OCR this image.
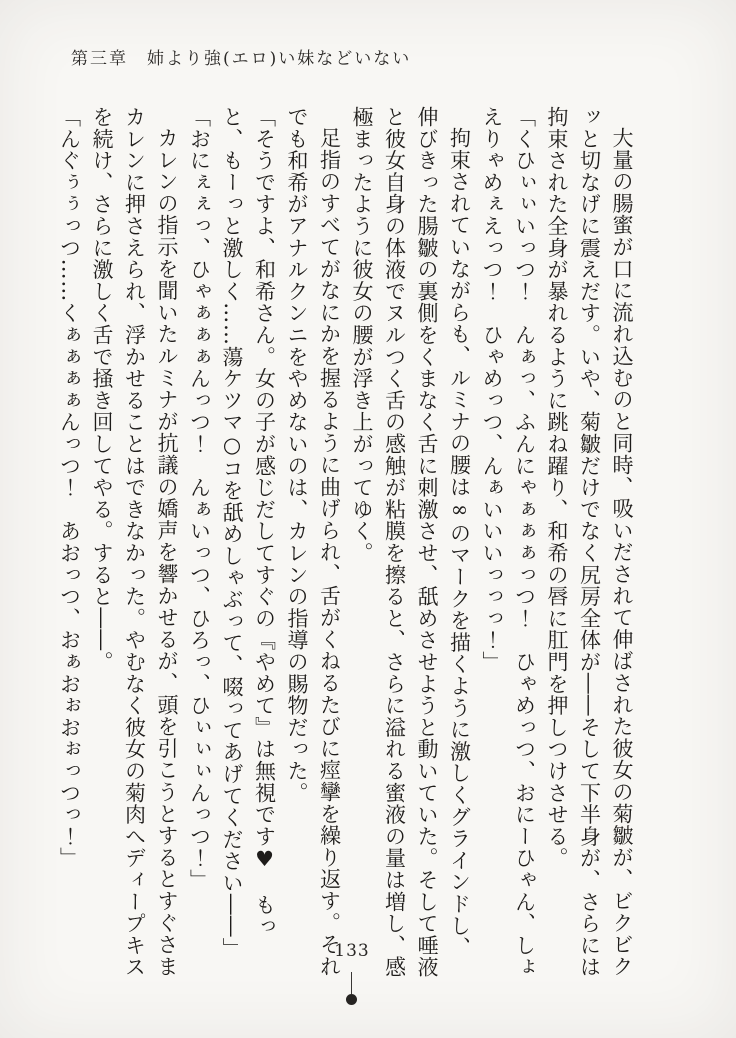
第三章　姉より強(エロ)い妹などいない

大量の腸蜜が口に流れ込むのと同時、吸いだされて伸ばされた彼女の菊皺が、ビクビクッと切なげに震えだす。いや、菊皺だけでなく尻房全体が――そして下半身が、さらには拘束された全身が暴れるように跳ね躍り、和希の唇に肛門を押しつけさせる。

「くひぃぃいっつ！　んぁっ、ふんにゃぁぁぁっつ！　ひゃめっつ、おにーひゃん、しょえりゃめぇえっつ！　ひゃめっつ、んぁいいいっっっ！」

拘束されていながらも、ルミナの腰は∞のマークを描くように激しくグラインドし、伸びきった腸皺の裏側をくまなく舌に刺激させ、舐めさせようと動いていた。そして唾液と彼女自身の体液でヌルつく舌の感触が粘膜を擦ると、さらに溢れる蜜液の量は増し、感極まったように彼女の腰が浮き上がってゆく。

足指のすべてがなにかを握るように曲げられ、舌がくねるたびに痙攣を繰り返す。それでも和希がアナルクンニをやめないのは、カレンの指導の賜物だった。

「そうですよ、和希さん。女の子が感じだしてすぐの『やめて』は無視です♥　もっと、もーっと激しく……蕩ケツマ○コを舐めしゃぶって、啜ってあげてください――」

「おにぇぇっ、ひゃぁぁぁんっつ！　んぁいっつ、ひろっ、ひぃぃぃんっつ！」

カレンの指示を聞いたルミナが抗議の嬌声を響かせるが、頭を引こうとするとすぐさまカレンに押さえられ、浮かせることはできなかった。やむなく彼女の菊肉へディープキスを続け、さらに激しく舌で掻き回してやる。すると――。

「んぐぅぅっつ……くぁぁぁぁんっつ！　あおっつ、おぁおぉおぉっつっ！」

133
